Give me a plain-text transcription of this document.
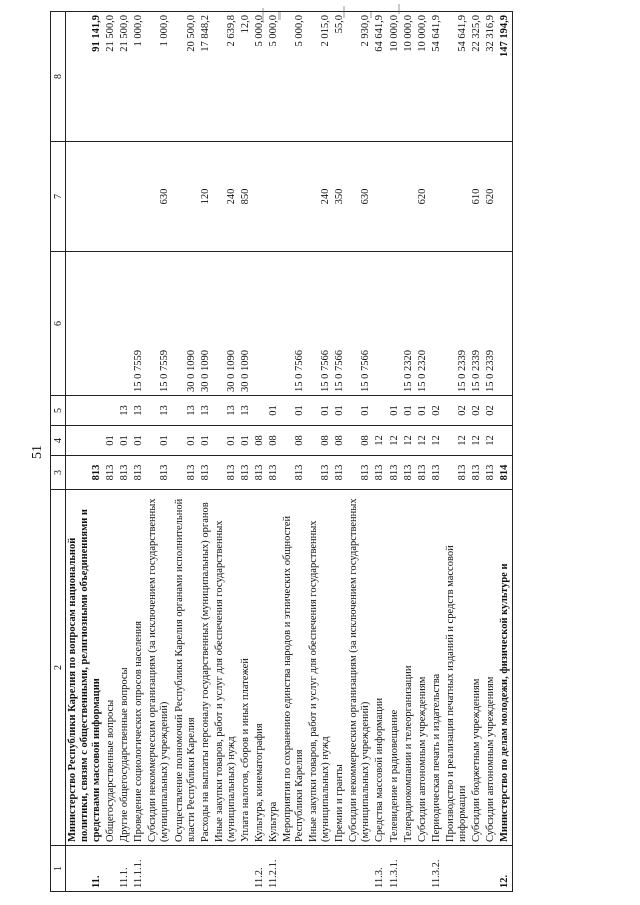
51
1	2	3	4	5	6	7	8
11.	Министерство Республики Карелия по вопросам национальной политики, связям с общественными, религиозными объединениями и средствами массовой информации	813					91 141,9
	Общегосударственные вопросы	813	01				21 500,0
11.1.	Другие общегосударственные вопросы	813	01	13			21 500,0
11.1.1.	Проведение социологических опросов населения	813	01	13	15 0 7559		1 000,0
	Субсидии некоммерческим организациям (за исключением государственных (муниципальных) учреждений)	813	01	13	15 0 7559	630	1 000,0
	Осуществление полномочий Республики Карелия органами исполнительной власти Республики Карелия	813	01	13	30 0 1090		20 500,0
	Расходы на выплаты персоналу государственных (муниципальных) органов	813	01	13	30 0 1090	120	17 848,2
	Иные закупки товаров, работ и услуг для обеспечения государственных (муниципальных) нужд	813	01	13	30 0 1090	240	2 639,8
	Уплата налогов, сборов и иных платежей	813	01	13	30 0 1090	850	12,0
11.2.	Культура, кинематография	813	08				5 000,0
11.2.1.	Культура	813	08	01			5 000,0
	Мероприятия по сохранению единства народов и этнических общностей Республики Карелия	813	08	01	15 0 7566		5 000,0
	Иные закупки товаров, работ и услуг для обеспечения государственных (муниципальных) нужд	813	08	01	15 0 7566	240	2 015,0
	Премии и гранты	813	08	01	15 0 7566	350	55,0
	Субсидии некоммерческим организациям (за исключением государственных (муниципальных) учреждений)	813	08	01	15 0 7566	630	2 930,0
11.3.	Средства массовой информации	813	12				64 641,9
11.3.1.	Телевидение и радиовещание	813	12	01			10 000,0
	Телерадиокомпании и телеорганизации	813	12	01	15 0 2320		10 000,0
	Субсидии автономным учреждениям	813	12	01	15 0 2320	620	10 000,0
11.3.2.	Периодическая печать и издательства	813	12	02			54 641,9
	Производство и реализация печатных изданий и средств массовой информации	813	12	02	15 0 2339		54 641,9
	Субсидии бюджетным учреждениям	813	12	02	15 0 2339	610	22 325,0
	Субсидии автономным учреждениям	813	12	02	15 0 2339	620	32 316,9
12.	Министерство по делам молодежи, физической культуре и	814					147 194,9
